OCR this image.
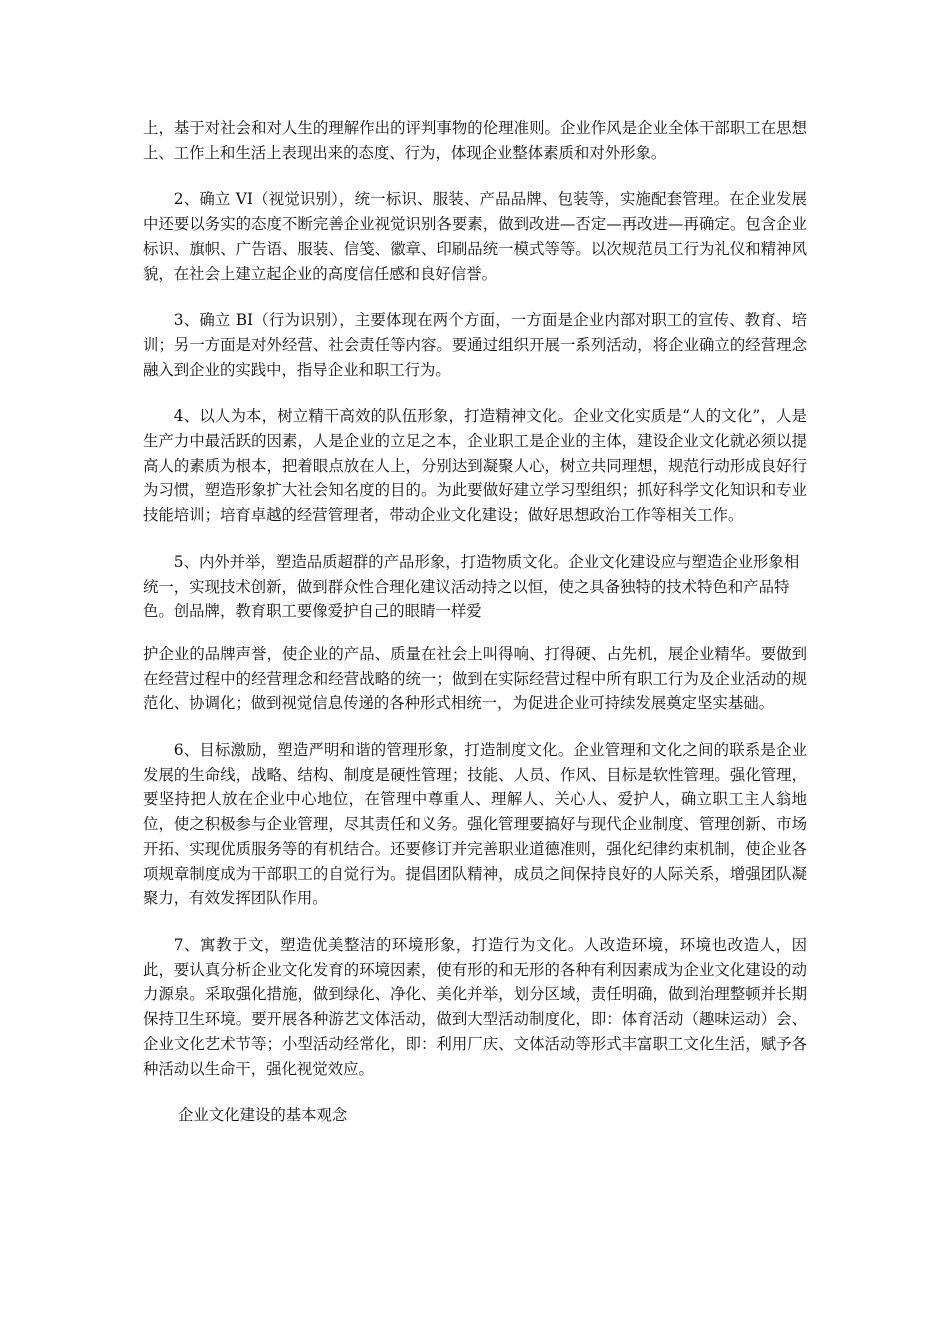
上，基于对社会和对人生的理解作出的评判事物的伦理准则。企业作风是企业全体干部职工在思想上、工作上和生活上表现出来的态度、行为，体现企业整体素质和对外形象。

2、确立 VI（视觉识别），统一标识、服装、产品品牌、包装等，实施配套管理。在企业发展中还要以务实的态度不断完善企业视觉识别各要素，做到改进—否定—再改进—再确定。包含企业标识、旗帜、广告语、服装、信笺、徽章、印刷品统一模式等等。以次规范员工行为礼仪和精神风貌，在社会上建立起企业的高度信任感和良好信誉。

3、确立 BI（行为识别），主要体现在两个方面，一方面是企业内部对职工的宣传、教育、培训；另一方面是对外经营、社会责任等内容。要通过组织开展一系列活动，将企业确立的经营理念融入到企业的实践中，指导企业和职工行为。

4、以人为本，树立精干高效的队伍形象，打造精神文化。企业文化实质是“人的文化”，人是生产力中最活跃的因素，人是企业的立足之本，企业职工是企业的主体，建设企业文化就必须以提高人的素质为根本，把着眼点放在人上，分别达到凝聚人心，树立共同理想，规范行动形成良好行为习惯，塑造形象扩大社会知名度的目的。为此要做好建立学习型组织；抓好科学文化知识和专业技能培训；培育卓越的经营管理者，带动企业文化建设；做好思想政治工作等相关工作。

5、内外并举，塑造品质超群的产品形象，打造物质文化。企业文化建设应与塑造企业形象相统一，实现技术创新，做到群众性合理化建议活动持之以恒，使之具备独特的技术特色和产品特色。创品牌，教育职工要像爱护自己的眼睛一样爱

护企业的品牌声誉，使企业的产品、质量在社会上叫得响、打得硬、占先机，展企业精华。要做到在经营过程中的经营理念和经营战略的统一；做到在实际经营过程中所有职工行为及企业活动的规范化、协调化；做到视觉信息传递的各种形式相统一，为促进企业可持续发展奠定坚实基础。

6、目标激励，塑造严明和谐的管理形象，打造制度文化。企业管理和文化之间的联系是企业发展的生命线，战略、结构、制度是硬性管理；技能、人员、作风、目标是软性管理。强化管理，要坚持把人放在企业中心地位，在管理中尊重人、理解人、关心人、爱护人，确立职工主人翁地位，使之积极参与企业管理，尽其责任和义务。强化管理要搞好与现代企业制度、管理创新、市场开拓、实现优质服务等的有机结合。还要修订并完善职业道德准则，强化纪律约束机制，使企业各项规章制度成为干部职工的自觉行为。提倡团队精神，成员之间保持良好的人际关系，增强团队凝聚力，有效发挥团队作用。

7、寓教于文，塑造优美整洁的环境形象，打造行为文化。人改造环境，环境也改造人，因此，要认真分析企业文化发育的环境因素，使有形的和无形的各种有利因素成为企业文化建设的动力源泉。采取强化措施，做到绿化、净化、美化并举，划分区域，责任明确，做到治理整顿并长期保持卫生环境。要开展各种游艺文体活动，做到大型活动制度化，即：体育活动（趣味运动）会、企业文化艺术节等；小型活动经常化，即：利用厂庆、文体活动等形式丰富职工文化生活，赋予各种活动以生命干，强化视觉效应。

企业文化建设的基本观念
